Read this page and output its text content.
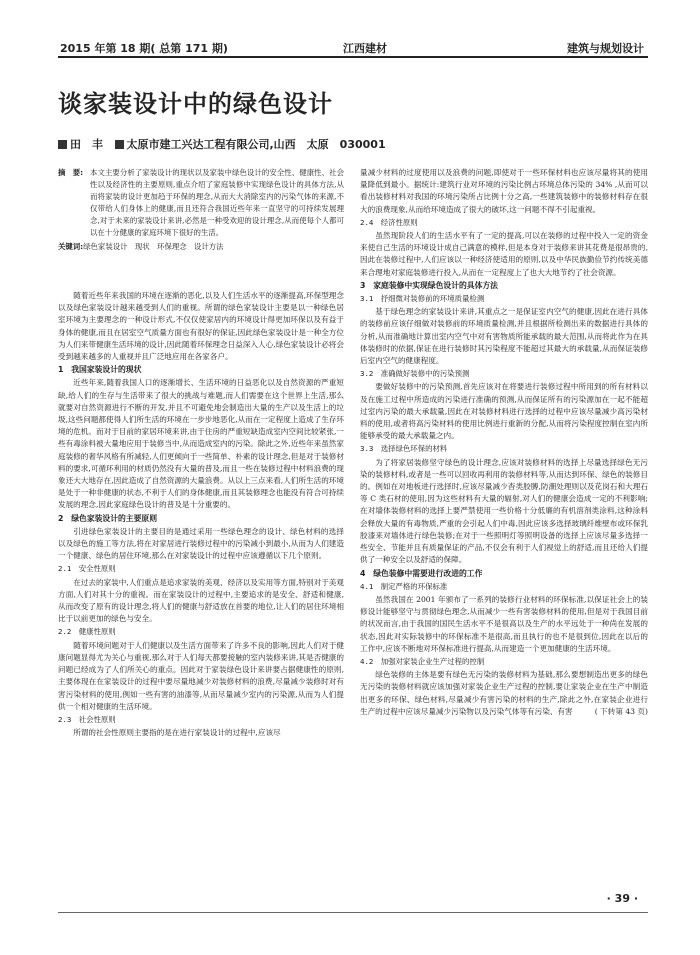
2015 年第 18 期( 总第 171 期)	江西建材	建筑与规划设计
谈家装设计中的绿色设计
田　丰 太原市建工兴达工程有限公司,山西　太原　030001
摘　要: 本文主要分析了家装设计的现状以及家装中绿色设计的安全性、健康性、社会性以及经济性的主要原则,重点介绍了家庭装修中实现绿色设计的具体方法,从而将家装的设计更加趋于环保的理念,从而大大消除室内的污染气体的来源,不仅带给人们身体上的健康,而且还符合我国近些年来一直坚守的可持续发展理念,对于未来的家装设计来讲,必然是一种受欢迎的设计理念,从而使每个人都可以在十分健康的家庭环境下很好的生活。
关键词:绿色家装设计　现状　环保理念　设计方法

随着近些年来我国的环境在逐渐的恶化,以及人们生活水平的逐渐提高,环保型理念以及绿色家装设计越来越受到人们的重视。所谓的绿色家装设计主要是以一种绿色居室环境为主要理念的一种设计形式,不仅仅使家居内的环境设计得更加环保以及有益于身体的健康,而且在居室空气质量方面也有很好的保证,因此绿色家装设计是一种全方位为人们来带健康生活环境的设计,因此随着环保理念日益深入人心,绿色家装设计必将会受到越来越多的人重视并且广泛地应用在各家各户。

1　我国家装设计的现状

近些年来,随着我国人口的逐渐增长、生活环境的日益恶化以及自然资源的严重短缺,给人们的生存与生活带来了很大的挑战与难题,而人们需要在这个世界上生活,那么就要对自然资源进行不断的开发,并且不可避免地会制造出大量的生产以及生活上的垃圾,这些问题都使得人们所生活的环境在一步步地恶化,从而在一定程度上造成了生存环境的危机。而对于目前的家居环境来讲,由于住房的严重短缺造成室内空间比较紧张,一些有毒涂料被大量地应用于装修当中,从而造成室内的污染。除此之外,近些年来虽然家庭装修的奢华风格有所减轻,人们更倾向于一些简单、朴素的设计理念,但是对于装修材料的要求,可循环利用的材质仍然没有大量的普及,而且一些在装修过程中材料浪费的现象还大大地存在,因此造成了自然资源的大量浪费。从以上三点来看,人们所生活的环境是处于一种非健康的状态,不利于人们的身体健康,而且其装修理念也能没有符合可持续发展的理念,因此家庭绿色设计的普及是十分重要的。

2　绿色家装设计的主要原则

引进绿色家装设计的主要目的是通过采用一些绿色理念的设计、绿色材料的选择以及绿色的施工等方法,将在对家居进行装修过程中的污染减小到最小,从而为人们建造一个健康、绿色的居住环境,那么在对家装设计的过程中应该遵循以下几个原则。

2.1　安全性原则

在过去的家装中,人们重点是追求家装的美观、经济以及实用等方面,特别对于美观方面,人们对其十分的重视。而在家装设计的过程中,主要追求的是安全、舒适和健康,从而改变了原有的设计理念,将人们的健康与舒适放在首要的地位,让人们的居住环境相比于以前更加的绿色与安全。

2.2　健康性原则

随着环境问题对于人们健康以及生活方面带来了许多不良的影响,因此人们对于健康问题显得尤为关心与重视,那么对于人们每天都要接触的室内装修来讲,其是否健康的问题已经成为了人们所关心的重点。因此对于家装绿色设计来讲要占据健康性的原则,主要体现在在家装设计的过程中要尽量地减少对装修材料的浪费,尽量减少装修时对有害污染材料的使用,例如一些有害的油漆等,从而尽量减少室内的污染源,从而为人们提供一个相对健康的生活环境。

2.3　社会性原则

所谓的社会性原则主要指的是在进行家装设计的过程中,应该尽

量减少材料的过度使用以及浪费的问题,即使对于一些环保材料也应该尽量将其的使用量降低到最小。据统计:建筑行业对环境的污染比例占环境总体污染的 34% ,从而可以看出装修材料对我国的环境污染所占比例十分之高,一些建筑装修中的装修材料存在很大的浪费现象,从而给环境造成了很大的破坏,这一问题不得不引起重视。

2.4　经济性原则

虽然现阶段人们的生活水平有了一定的提高,可以在装修的过程中投入一定的资金来使自己生活的环境设计成自己满意的模样,但是本身对于装修来讲其花费是很昂贵的,因此在装修过程中,人们应该以一种经济使适用的原则,以及中华民族勤俭节约传统美德来合理地对家庭装修进行投入,从而在一定程度上了也大大地节约了社会资源。

3　家庭装修中实现绿色设计的具体方法
3.1　抒细微对装修前的环境质量检测

基于绿色理念的家装设计来讲,其重点之一是保证室内空气的健康,因此在进行具体的装修前应该仔细做对装修前的环境质量检测,并且根据所检测出来的数据进行具体的分析,从而准确地计算出室内空气中对有害物质所能承载的最大范围,从而将此作为在具体装修时的依据,保证在进行装修时其污染程度不能超过其最大的承载量,从而保证装修后室内空气的健康程度。

3.2　准确做好装修中的污染预测

要做好装修中的污染预测,首先应该对在将要进行装修过程中所用到的所有材料以及在施工过程中所造成的污染进行准确的预测,从而保证所有的污染源加在一起不能超过室内污染的最大承载量,因此在对装修材料进行选择的过程中应该尽量减少高污染材料的使用,或者将高污染材料的使用比例进行重新的分配,从而将污染程度控制在室内所能够承受的最大承载量之内。

3.3　选择绿色环保的材料

为了将家居装修坚守绿色的设计理念,应该对装修材料的选择上尽量选择绿色无污染的装修材料,或者是一些可以回收再利用的装修材料等,从而达到环保、绿色的装修目的。例如在对地板进行选择时,应该尽量减少杳类胶膊,防潮处理则以及花岗石和大理石等 C 类石材的使用,因为这些材料有大量的辐射,对人们的健康会造成一定的不利影响;在对墙体装修材料的选择上要严禁使用一些价格十分低廉的有机溶剂类涂料,这种涂料会释放大量的有毒物质,严重的会引起人们中毒,因此应该多选择玻璃纤维壁布或环保乳胶漆来对墙体进行绿色装修;在对于一些照明灯等照明设备的选择上应该尽量多选择一些安全、节能并且有质量保证的产品,不仅会有利于人们视觉上的舒适,而且还给人们提供了一种安全以及舒适的保障。

4　绿色装修中需要进行改进的工作
4.1　制定严格的环保标准

虽然我国在 2001 年颁布了一系列的装修行业材料的环保标准,以保证社会上的装修设计能够坚守与贯彻绿色理念,从而减少一些有害装修材料的使用,但是对于我国目前的状况而言,由于我国的国民生活水平不是很高以及生产的水平远处于一种尚在发展的状态,因此对实际装修中的环保标准不是很高,而且执行的也不是很到位,因此在以后的工作中,应该不断地对环保标准进行提高,从而建造一个更加健康的生活环境。

4.2　加强对家装企业生产过程的控制

绿色装修的主体是要有绿色无污染的装修材料为基础,那么要想制造出更多的绿色无污染的装修材料就应该加强对家装企业生产过程的控制,要让家装企业在生产中制造出更多的环保、绿色材料,尽量减少有害污染的材料的生产,除此之外,在家装企业进行生产的过程中应该尽量减少污染物以及污染气体等有污染、有害	( 下转第 43 页)

· 39 ·
